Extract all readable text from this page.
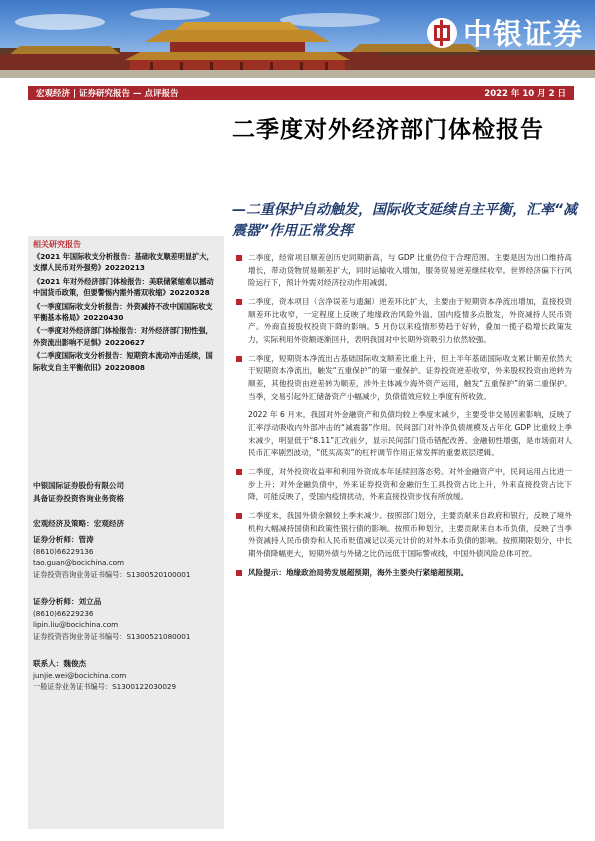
中银证券
宏观经济 | 证券研究报告 — 点评报告	2022 年 10 月 2 日
二季度对外经济部门体检报告
—二重保护自动触发，国际收支延续自主平衡，汇率“减震器”作用正常发挥
相关研究报告
《2021 年国际收支分析报告：基础收支顺差明显扩大，支撑人民币对外强势》20220213
《2021 年对外经济部门体检报告：美联储紧缩难以撼动中国货币政策，但要警惕内需外需双收缩》20220328
《一季度国际收支分析报告：外资减持不改中国国际收支平衡基本格局》20220430
《一季度对外经济部门体检报告：对外经济部门韧性强，外资流出影响不足惧》20220627
《二季度国际收支分析报告：短期资本流动冲击延续，国际收支自主平衡依旧》20220808
中银国际证券股份有限公司
具备证券投资咨询业务资格
宏观经济及策略：宏观经济
证券分析师：管涛
(8610)66229136
tao.guan@bocichina.com
证券投资咨询业务证书编号：S1300520100001
证券分析师：刘立品
(8610)66229236
lipin.liu@bocichina.com
证券投资咨询业务证书编号：S1300521080001
联系人：魏俊杰
junjie.wei@bocichina.com
一般证券业务证书编号：S1300122030029
二季度，经常项目顺差创历史同期新高，与 GDP 比重仍位于合理范围。主要是因为出口维持高增长，带动货物贸易顺差扩大，同时运输收入增加，服务贸易逆差继续收窄。世界经济偏下行风险运行下，预计外需对经济拉动作用减弱。
二季度，资本项目（含净误差与遗漏）逆差环比扩大，主要由于短期资本净流出增加，直接投资顺差环比收窄，一定程度上反映了地缘政治风险外溢、国内疫情多点散发，外资减持人民币资产。外商直接股权投资下降的影响。5 月份以来疫情形势趋于好转，叠加一揽子稳增长政策发力，实际利用外资额逐渐回升，表明我国对中长期外资吸引力依然较强。
二季度，短期资本净流出占基础国际收支顺差比重上升，但上半年基础国际收支累计顺差依然大于短期资本净流出，触发“五重保护”的第一重保护。证券投资逆差收窄，外来股权投资由逆转为顺差，其他投资由逆差转为顺差，涉外主体减少海外资产运用，触发“五重保护”的第二重保护。当季，交易引起外汇储备资产小幅减少，负债值效应较上季度有所收敛。
2022 年 6 月末，我国对外金融资产和负债均较上季度末减少，主要受非交易因素影响，反映了汇率浮动吸收内外部冲击的“减震器”作用。民间部门对外净负债规模及占年化 GDP 比重较上季末减少，明显低于“8.11”汇改前夕，显示民间部门货币错配改善、金融韧性增强，是市场面对人民币汇率剧烈波动，“低买高卖”的杠杆调节作用正常发挥的重要底层逻辑。
二季度，对外投资收益率和利用外资成本年延续回落态势。对外金融资产中，民间运用占比进一步上升；对外金融负债中，外来证券投资和金融衍生工具投资占比上升，外来直接投资占比下降，可能反映了，受国内疫情扰动，外来直接投资步伐有所放缓。
二季度末，我国外债余额较上季末减少。按照部门划分，主要贡献来自政府和银行，反映了境外机构大幅减持国债和政策性银行债的影响。按照币种划分，主要贡献来自本币负债，反映了当季外资减持人民币债券和人民币贬值减记以美元计价的对外本币负债的影响。按照期限划分，中长期外债降幅更大，短期外债与外储之比仍远低于国际警戒线，中国外债风险总体可控。
风险提示：地缘政治局势发展超预期，海外主要央行紧缩超预期。
